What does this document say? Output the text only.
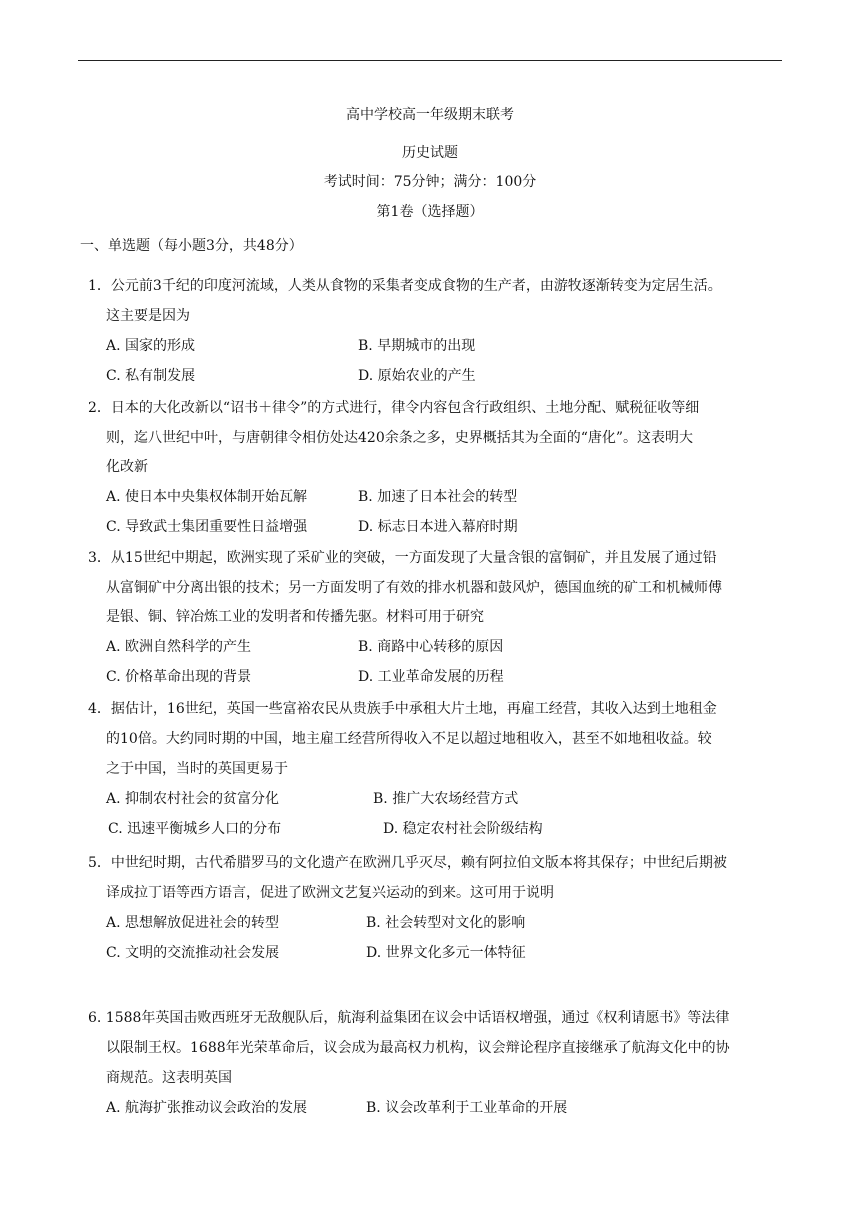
高中学校高一年级期末联考
历史试题
考试时间：75分钟；满分：100分
第1卷（选择题）
一、单选题（每小题3分，共48分）
1．公元前3千纪的印度河流域，人类从食物的采集者变成食物的生产者，由游牧逐渐转变为定居生活。
这主要是因为
A. 国家的形成	B. 早期城市的出现
C. 私有制发展	D. 原始农业的产生
2．日本的大化改新以“诏书＋律令”的方式进行，律令内容包含行政组织、土地分配、赋税征收等细
则，迄八世纪中叶，与唐朝律令相仿处达420余条之多，史界概括其为全面的“唐化”。这表明大
化改新
A. 使日本中央集权体制开始瓦解	B. 加速了日本社会的转型
C. 导致武士集团重要性日益增强	D. 标志日本进入幕府时期
3．从15世纪中期起，欧洲实现了采矿业的突破，一方面发现了大量含银的富铜矿，并且发展了通过铅
从富铜矿中分离出银的技术；另一方面发明了有效的排水机器和鼓风炉，德国血统的矿工和机械师傅
是银、铜、锌冶炼工业的发明者和传播先驱。材料可用于研究
A. 欧洲自然科学的产生	B. 商路中心转移的原因
C. 价格革命出现的背景	D. 工业革命发展的历程
4．据估计，16世纪，英国一些富裕农民从贵族手中承租大片土地，再雇工经营，其收入达到土地租金
的10倍。大约同时期的中国，地主雇工经营所得收入不足以超过地租收入，甚至不如地租收益。较
之于中国，当时的英国更易于
A. 抑制农村社会的贫富分化	B. 推广大农场经营方式
C. 迅速平衡城乡人口的分布	D. 稳定农村社会阶级结构
5．中世纪时期，古代希腊罗马的文化遗产在欧洲几乎灭尽，赖有阿拉伯文版本将其保存；中世纪后期被
译成拉丁语等西方语言，促进了欧洲文艺复兴运动的到来。这可用于说明
A. 思想解放促进社会的转型	B. 社会转型对文化的影响
C. 文明的交流推动社会发展	D. 世界文化多元一体特征
6. 1588年英国击败西班牙无敌舰队后，航海利益集团在议会中话语权增强，通过《权利请愿书》等法律
以限制王权。1688年光荣革命后，议会成为最高权力机构，议会辩论程序直接继承了航海文化中的协
商规范。这表明英国
A. 航海扩张推动议会政治的发展	B. 议会改革利于工业革命的开展
